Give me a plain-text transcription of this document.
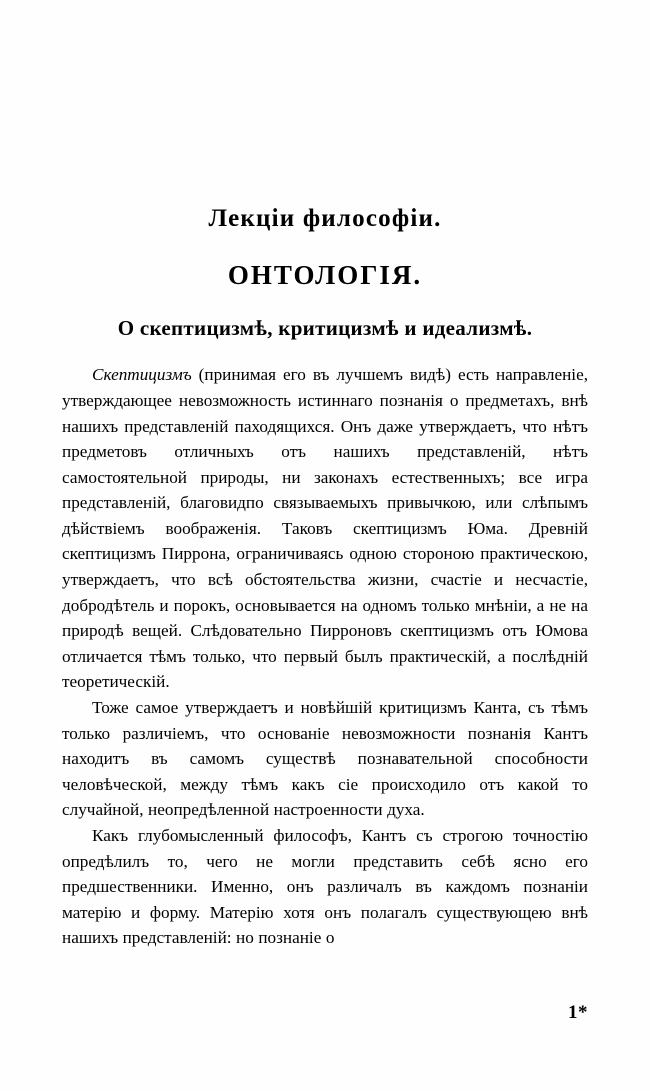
Лекціи философіи.
ОНТОЛОГІЯ.
О скептицизмѣ, критицизмѣ и идеализмѣ.

Скептицизмъ (принимая его въ лучшемъ видѣ) есть направленіе, утверждающее невозможность истиннаго познанія о предметахъ, внѣ нашихъ представленій паходящихся. Онъ даже утверждаетъ, что нѣтъ предметовъ отличныхъ отъ нашихъ представленій, нѣтъ самостоятельной природы, ни законахъ естественныхъ; все игра представленій, благовидпо связываемыхъ привычкою, или слѣпымъ дѣйствіемъ воображенія. Таковъ скептицизмъ Юма. Древній скептицизмъ Пиррона, ограничиваясь одною стороною практическою, утверждаетъ, что всѣ обстоятельства жизни, счастіе и несчастіе, добродѣтель и порокъ, основывается на одномъ только мнѣніи, а не на природѣ вещей. Слѣдовательно Пирроновъ скептицизмъ отъ Юмова отличается тѣмъ только, что первый былъ практическій, а послѣдній теоретическій.

Тоже самое утверждаетъ и новѣйшій критицизмъ Канта, съ тѣмъ только различіемъ, что основаніе невозможности познанія Кантъ находитъ въ самомъ существѣ познавательной способности человѣческой, между тѣмъ какъ сіе происходило отъ какой то случайной, неопредѣленной настроенности духа.

Какъ глубомысленный философъ, Кантъ съ строгою точностію опредѣлилъ то, чего не могли представить себѣ ясно его предшественники. Именно, онъ различалъ въ каждомъ познаніи матерію и форму. Матерію хотя онъ полагалъ существующею внѣ нашихъ представленій: но познаніе о

1*
